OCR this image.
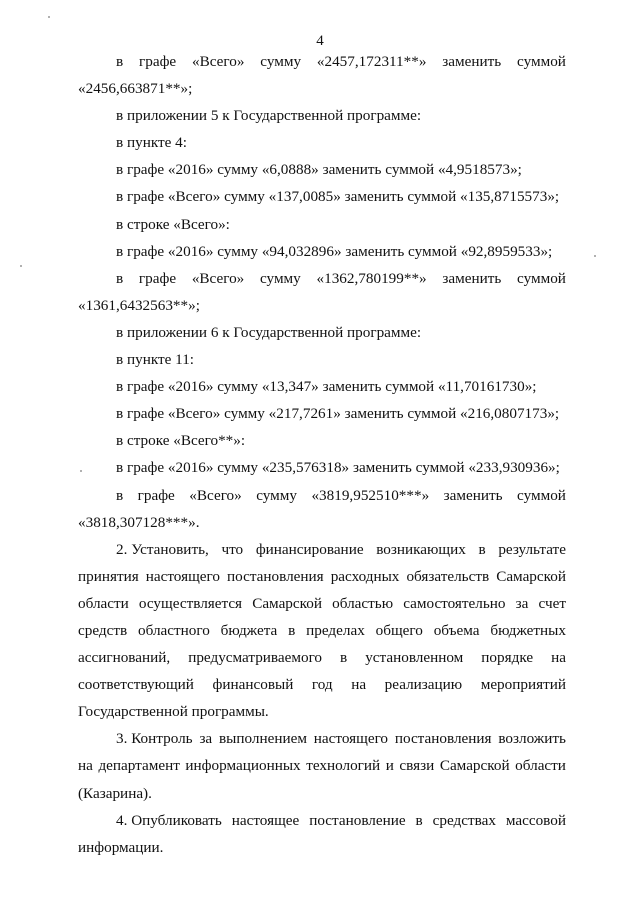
4
в графе «Всего» сумму «2457,172311**» заменить суммой
«2456,663871**»;
в приложении 5 к Государственной программе:
в пункте 4:
в графе «2016» сумму «6,0888» заменить суммой «4,9518573»;
в графе «Всего» сумму «137,0085» заменить суммой «135,8715573»;
в строке «Всего»:
в графе «2016» сумму «94,032896» заменить суммой «92,8959533»;
в графе «Всего» сумму «1362,780199**» заменить суммой
«1361,6432563**»;
в приложении 6 к Государственной программе:
в пункте 11:
в графе «2016» сумму «13,347» заменить суммой «11,70161730»;
в графе «Всего» сумму «217,7261» заменить суммой «216,0807173»;
в строке «Всего**»:
в графе «2016» сумму «235,576318» заменить суммой «233,930936»;
в графе «Всего» сумму «3819,952510***» заменить суммой
«3818,307128***».
2. Установить, что финансирование возникающих в результате
принятия настоящего постановления расходных обязательств Самарской
области осуществляется Самарской областью самостоятельно за счет
средств областного бюджета в пределах общего объема бюджетных
ассигнований, предусматриваемого в установленном порядке на
соответствующий финансовый год на реализацию мероприятий
Государственной программы.
3. Контроль за выполнением настоящего постановления возложить
на департамент информационных технологий и связи Самарской области
(Казарина).
4. Опубликовать настоящее постановление в средствах массовой
информации.
